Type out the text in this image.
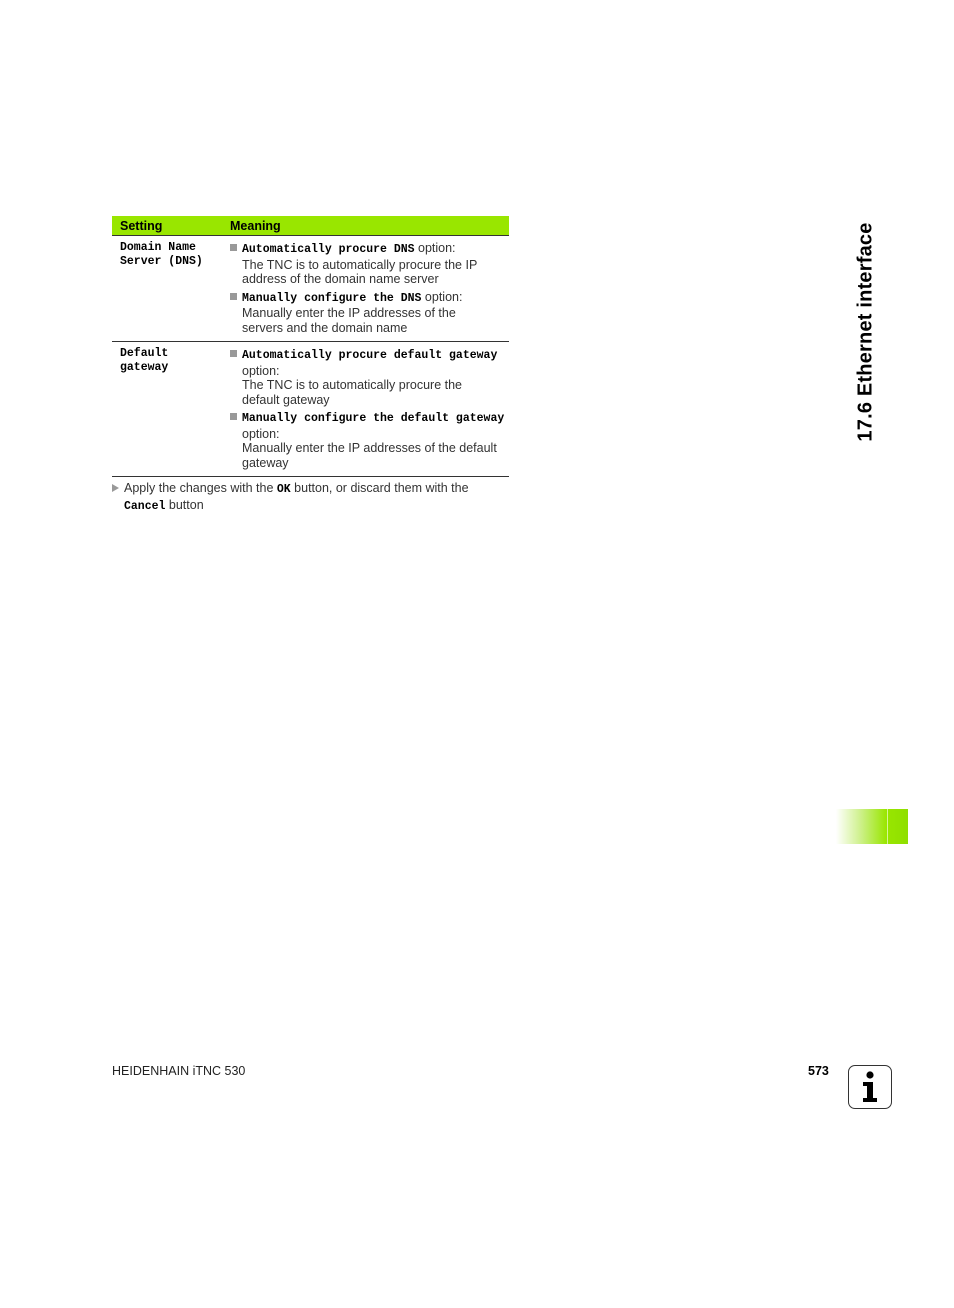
Setting	Meaning
Domain Name
Server (DNS)
Automatically procure DNS option:
The TNC is to automatically procure the IP
address of the domain name server
Manually configure the DNS option:
Manually enter the IP addresses of the
servers and the domain name
Default
gateway
Automatically procure default gateway
option:
The TNC is to automatically procure the
default gateway
Manually configure the default gateway
option:
Manually enter the IP addresses of the default
gateway
Apply the changes with the OK button, or discard them with the
Cancel button
17.6 Ethernet interface
HEIDENHAIN iTNC 530	573
